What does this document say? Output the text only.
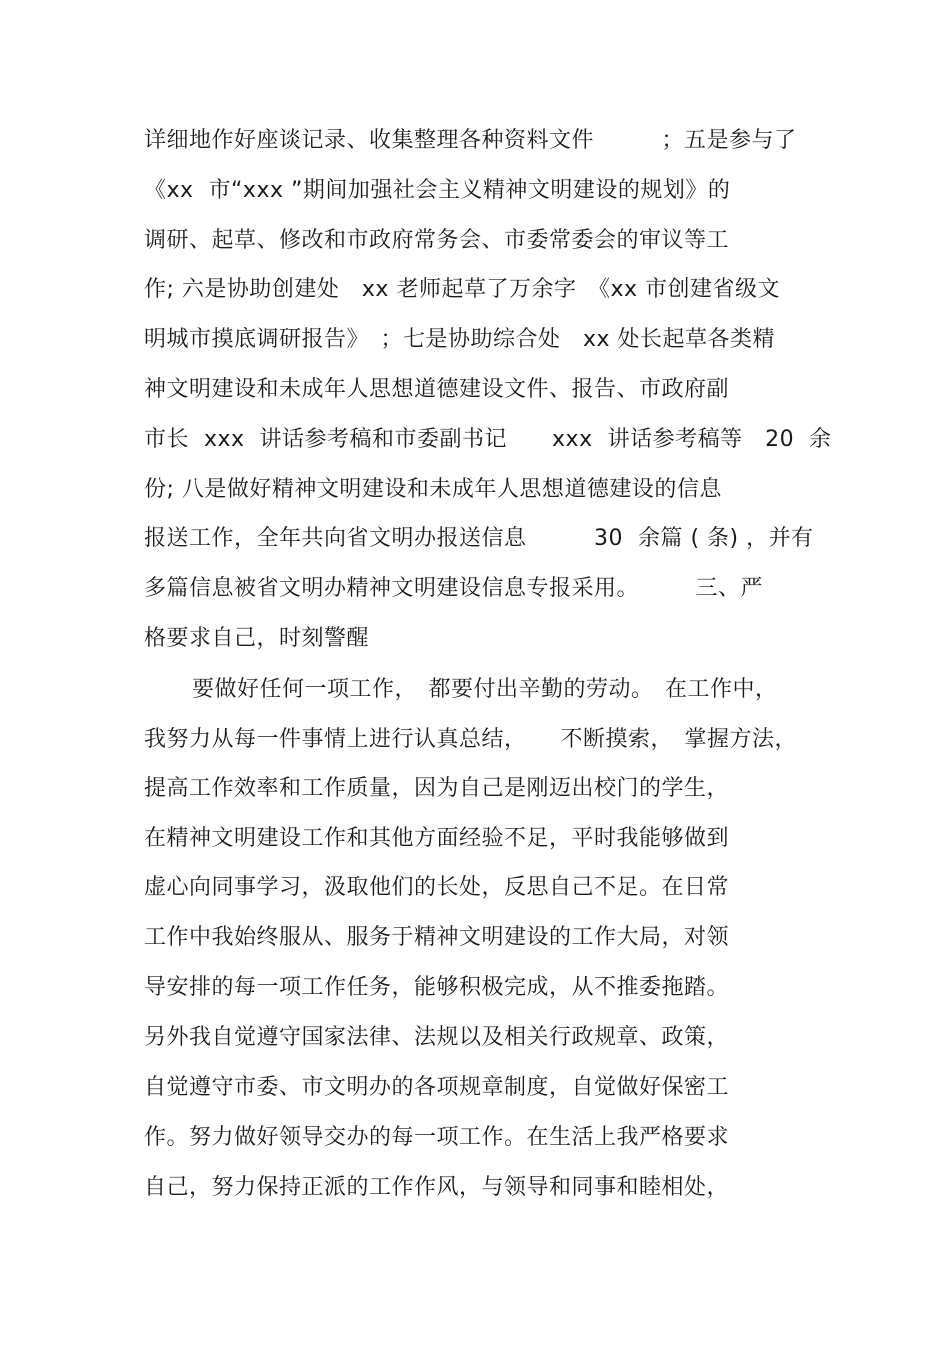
详细地作好座谈记录、收集整理各种资料文件　　　；五是参与了
《xx  市“xxx ”期间加强社会主义精神文明建设的规划》的
调研、起草、修改和市政府常务会、市委常委会的审议等工
作; 六是协助创建处　xx 老师起草了万余字　《xx 市创建省级文
明城市摸底调研报告》　；七是协助综合处　xx 处长起草各类精
神文明建设和未成年人思想道德建设文件、报告、市政府副
市长  xxx  讲话参考稿和市委副书记　　xxx  讲话参考稿等　20  余
份; 八是做好精神文明建设和未成年人思想道德建设的信息
报送工作，全年共向省文明办报送信息　　　30  余篇 ( 条) ，并有
多篇信息被省文明办精神文明建设信息专报采用。　　　三、严
格要求自己，时刻警醒
要做好任何一项工作，　都要付出辛勤的劳动。　在工作中，
我努力从每一件事情上进行认真总结，　　不断摸索，　掌握方法，
提高工作效率和工作质量，因为自己是刚迈出校门的学生，
在精神文明建设工作和其他方面经验不足，平时我能够做到
虚心向同事学习，汲取他们的长处，反思自己不足。在日常
工作中我始终服从、服务于精神文明建设的工作大局，对领
导安排的每一项工作任务，能够积极完成，从不推委拖踏。
另外我自觉遵守国家法律、法规以及相关行政规章、政策，
自觉遵守市委、市文明办的各项规章制度，自觉做好保密工
作。努力做好领导交办的每一项工作。在生活上我严格要求
自己，努力保持正派的工作作风，与领导和同事和睦相处，
